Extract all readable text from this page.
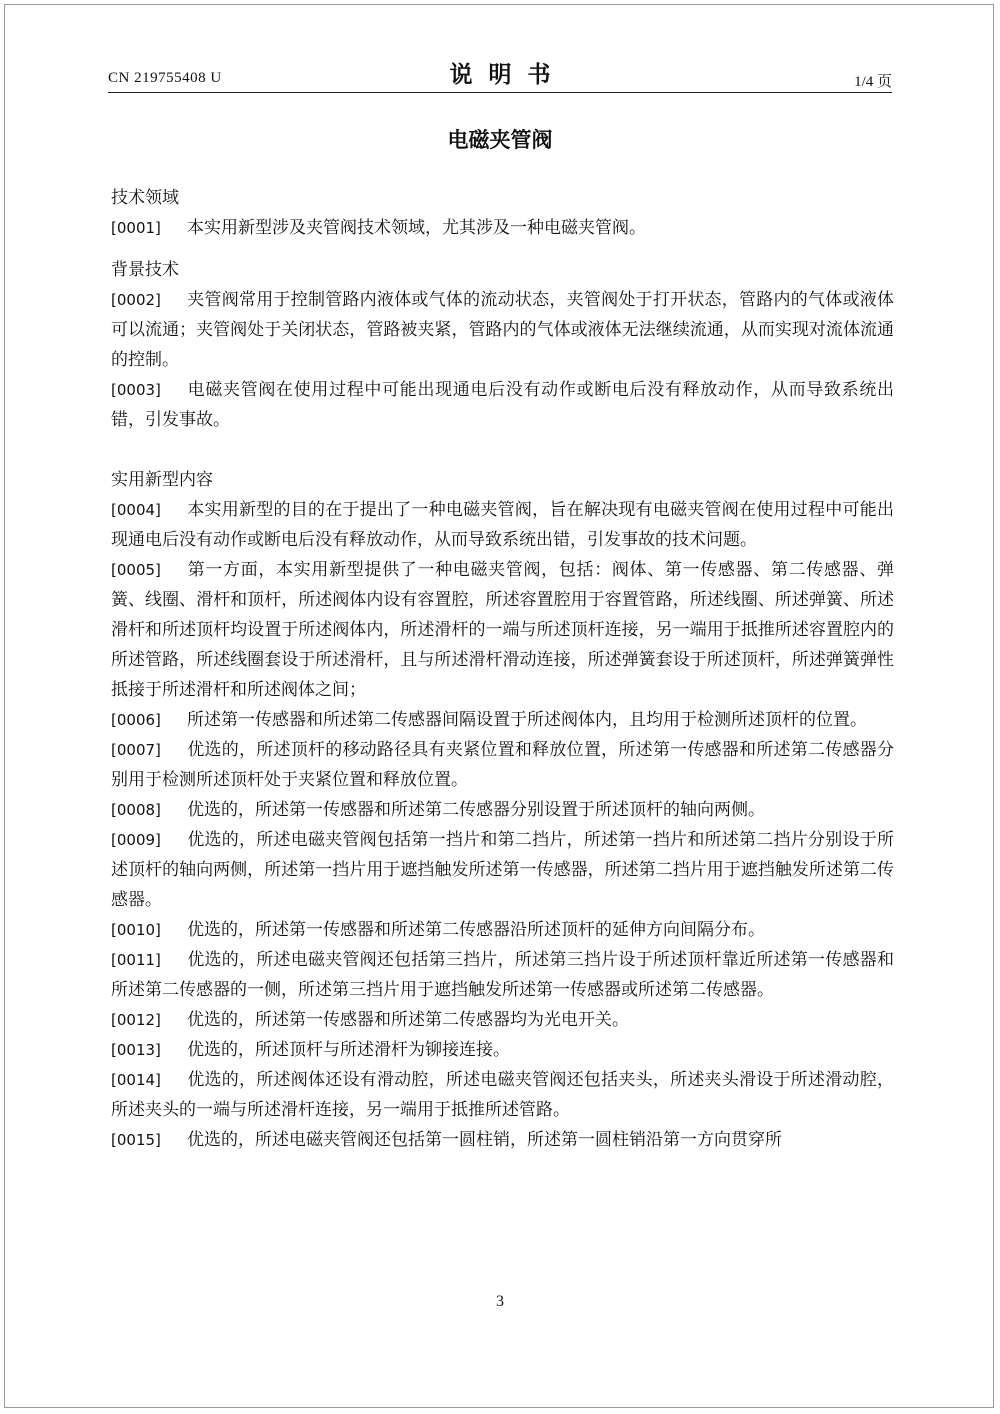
CN 219755408 U	说明书	1/4 页
电磁夹管阀
技术领域
[0001] 本实用新型涉及夹管阀技术领域，尤其涉及一种电磁夹管阀。
背景技术
[0002] 夹管阀常用于控制管路内液体或气体的流动状态，夹管阀处于打开状态，管路内的气体或液体可以流通；夹管阀处于关闭状态，管路被夹紧，管路内的气体或液体无法继续流通，从而实现对流体流通的控制。
[0003] 电磁夹管阀在使用过程中可能出现通电后没有动作或断电后没有释放动作，从而导致系统出错，引发事故。
实用新型内容
[0004] 本实用新型的目的在于提出了一种电磁夹管阀，旨在解决现有电磁夹管阀在使用过程中可能出现通电后没有动作或断电后没有释放动作，从而导致系统出错，引发事故的技术问题。
[0005] 第一方面，本实用新型提供了一种电磁夹管阀，包括：阀体、第一传感器、第二传感器、弹簧、线圈、滑杆和顶杆，所述阀体内设有容置腔，所述容置腔用于容置管路，所述线圈、所述弹簧、所述滑杆和所述顶杆均设置于所述阀体内，所述滑杆的一端与所述顶杆连接，另一端用于抵推所述容置腔内的所述管路，所述线圈套设于所述滑杆，且与所述滑杆滑动连接，所述弹簧套设于所述顶杆，所述弹簧弹性抵接于所述滑杆和所述阀体之间；
[0006] 所述第一传感器和所述第二传感器间隔设置于所述阀体内，且均用于检测所述顶杆的位置。
[0007] 优选的，所述顶杆的移动路径具有夹紧位置和释放位置，所述第一传感器和所述第二传感器分别用于检测所述顶杆处于夹紧位置和释放位置。
[0008] 优选的，所述第一传感器和所述第二传感器分别设置于所述顶杆的轴向两侧。
[0009] 优选的，所述电磁夹管阀包括第一挡片和第二挡片，所述第一挡片和所述第二挡片分别设于所述顶杆的轴向两侧，所述第一挡片用于遮挡触发所述第一传感器，所述第二挡片用于遮挡触发所述第二传感器。
[0010] 优选的，所述第一传感器和所述第二传感器沿所述顶杆的延伸方向间隔分布。
[0011] 优选的，所述电磁夹管阀还包括第三挡片，所述第三挡片设于所述顶杆靠近所述第一传感器和所述第二传感器的一侧，所述第三挡片用于遮挡触发所述第一传感器或所述第二传感器。
[0012] 优选的，所述第一传感器和所述第二传感器均为光电开关。
[0013] 优选的，所述顶杆与所述滑杆为铆接连接。
[0014] 优选的，所述阀体还设有滑动腔，所述电磁夹管阀还包括夹头，所述夹头滑设于所述滑动腔，所述夹头的一端与所述滑杆连接，另一端用于抵推所述管路。
[0015] 优选的，所述电磁夹管阀还包括第一圆柱销，所述第一圆柱销沿第一方向贯穿所
3
